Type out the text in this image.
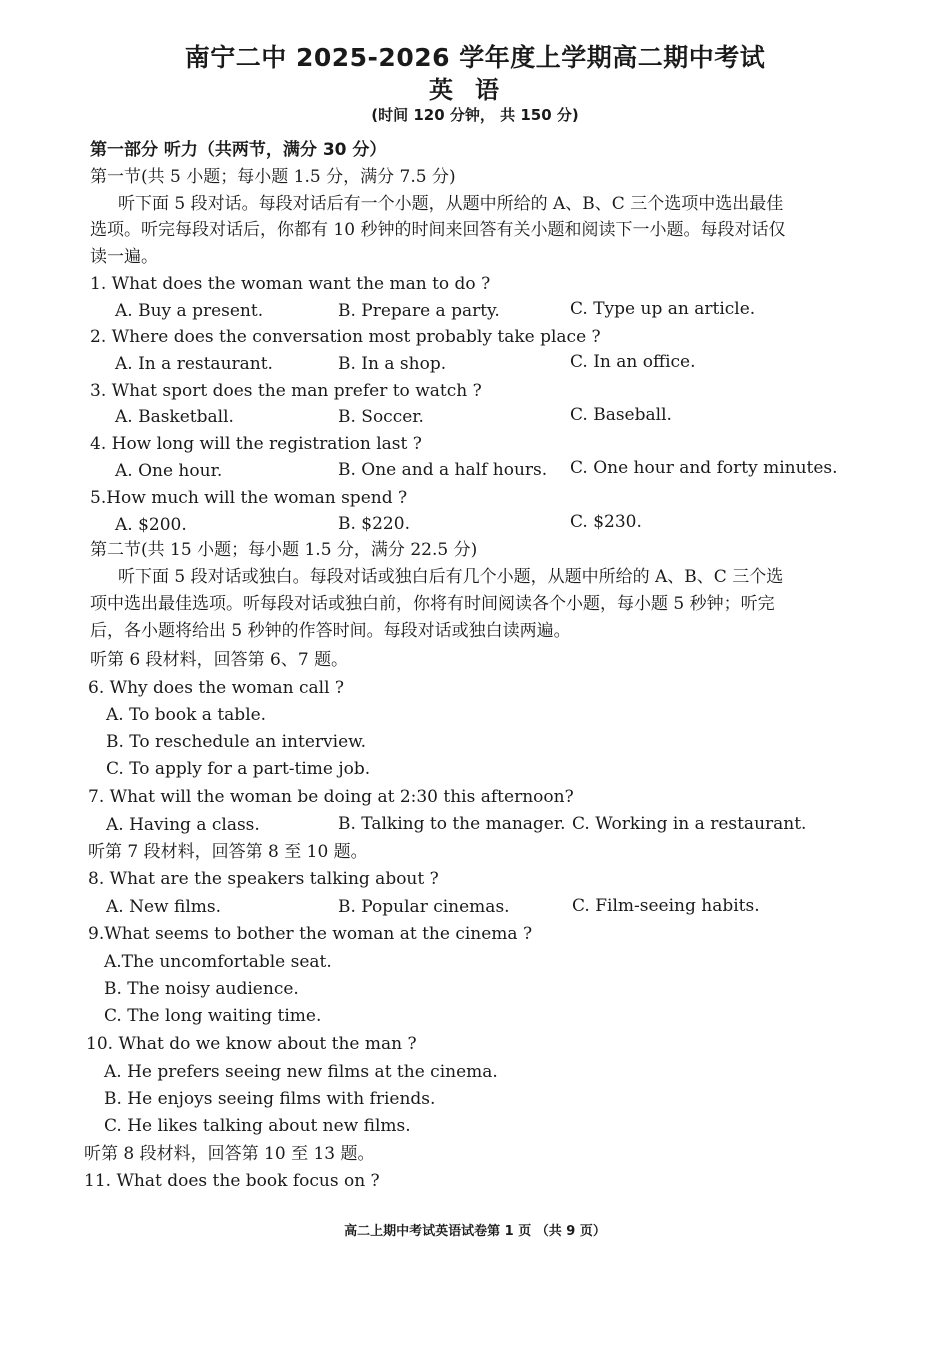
南宁二中 2025-2026 学年度上学期高二期中考试
英语
(时间 120 分钟， 共 150 分)
第一部分 听力（共两节，满分 30 分）
第一节(共 5 小题；每小题 1.5 分，满分 7.5 分)
听下面 5 段对话。每段对话后有一个小题，从题中所给的 A、B、C 三个选项中选出最佳
选项。听完每段对话后，你都有 10 秒钟的时间来回答有关小题和阅读下一小题。每段对话仅
读一遍。
1. What does the woman want the man to do ?
A. Buy a present.	B. Prepare a party.	C. Type up an article.
2. Where does the conversation most probably take place ?
A. In a restaurant.	B. In a shop.	C. In an office.
3. What sport does the man prefer to watch ?
A. Basketball.	B. Soccer.	C. Baseball.
4. How long will the registration last ?
A. One hour.	B. One and a half hours. C. One hour and forty minutes.
5.How much will the woman spend ?
A. $200.	B. $220.	C. $230.
第二节(共 15 小题；每小题 1.5 分，满分 22.5 分)
听下面 5 段对话或独白。每段对话或独白后有几个小题，从题中所给的 A、B、C 三个选
项中选出最佳选项。听每段对话或独白前，你将有时间阅读各个小题，每小题 5 秒钟；听完
后，各小题将给出 5 秒钟的作答时间。每段对话或独白读两遍。
听第 6 段材料，回答第 6、7 题。
6. Why does the woman call ?
A. To book a table.
B. To reschedule an interview.
C. To apply for a part-time job.
7. What will the woman be doing at 2:30 this afternoon?
A. Having a class.	B. Talking to the manager. C. Working in a restaurant.
听第 7 段材料，回答第 8 至 10 题。
8. What are the speakers talking about ?
A. New films.	B. Popular cinemas.	C. Film-seeing habits.
9.What seems to bother the woman at the cinema ?
A.The uncomfortable seat.
B. The noisy audience.
C. The long waiting time.
10. What do we know about the man ?
A. He prefers seeing new films at the cinema.
B. He enjoys seeing films with friends.
C. He likes talking about new films.
听第 8 段材料，回答第 10 至 13 题。
11. What does the book focus on ?
高二上期中考试英语试卷第 1 页 （共 9 页）
